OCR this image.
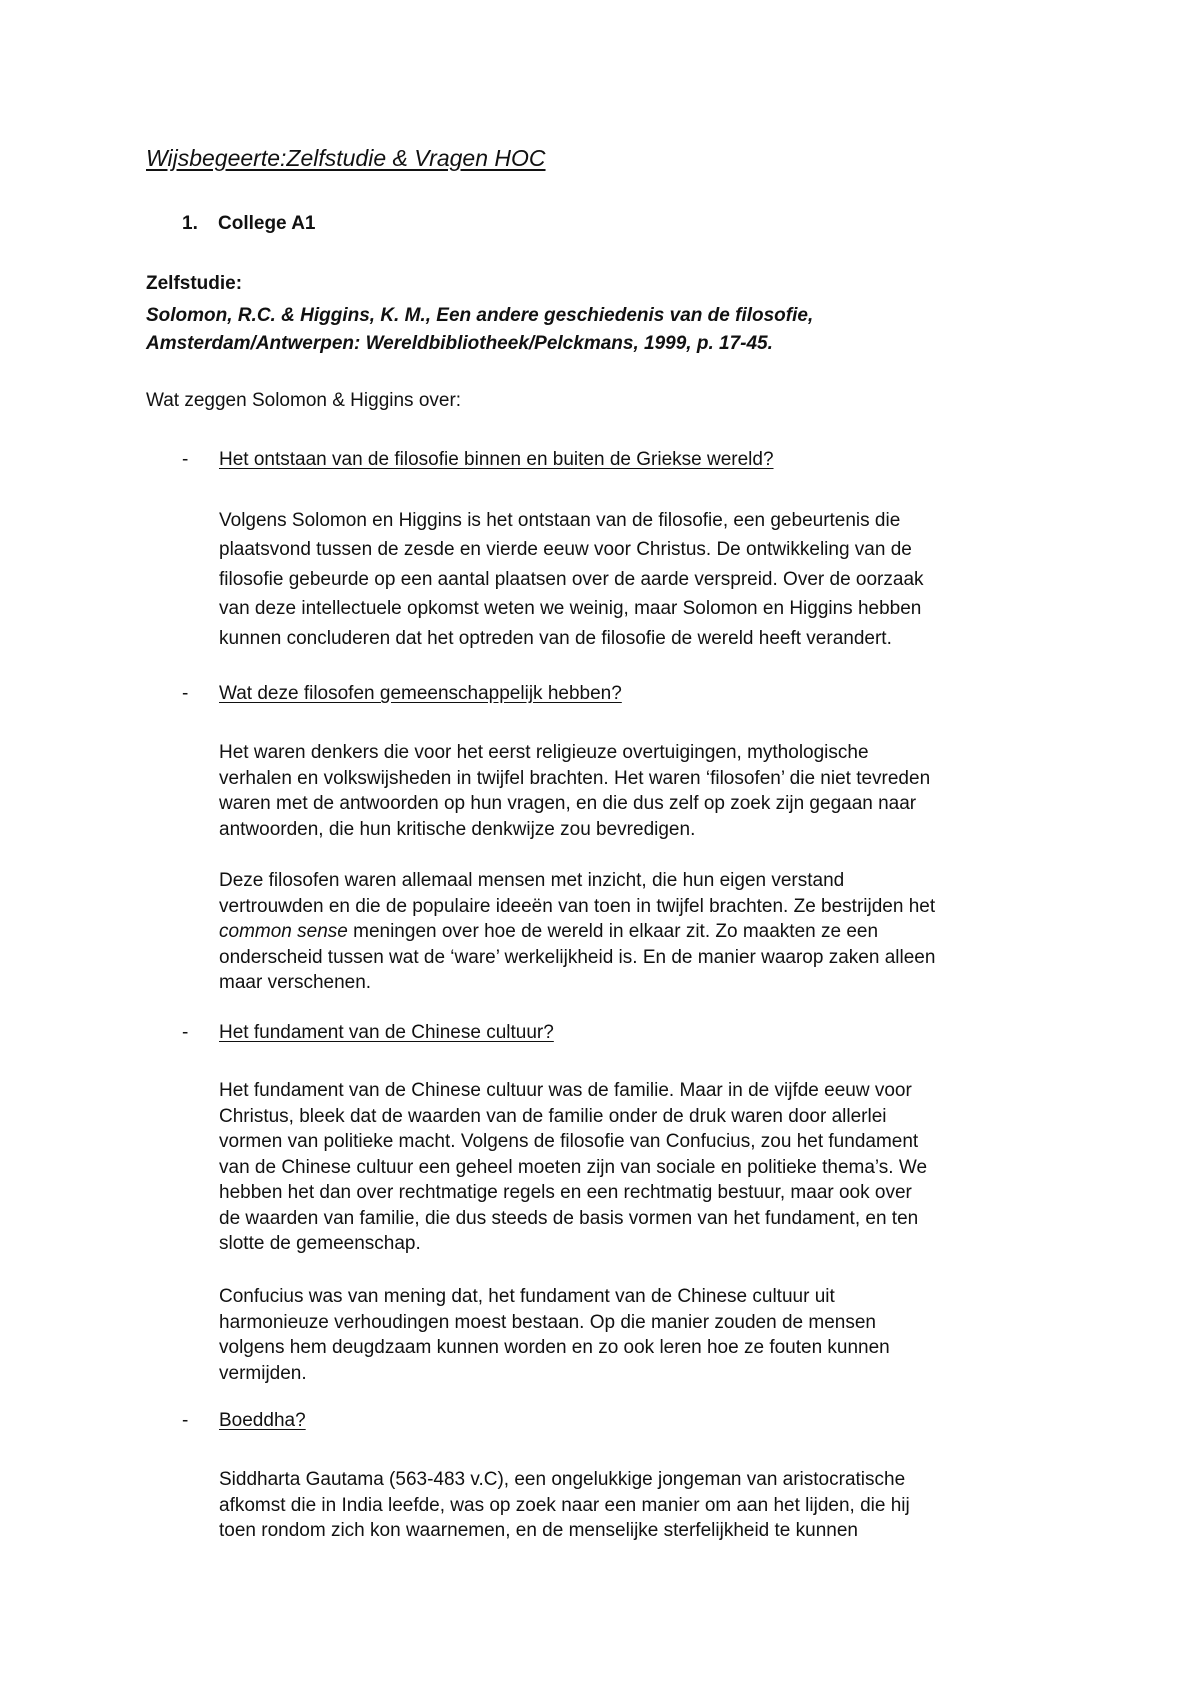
Wijsbegeerte:Zelfstudie & Vragen HOC
1. College A1
Zelfstudie:
Solomon, R.C. & Higgins, K. M., Een andere geschiedenis van de filosofie,
Amsterdam/Antwerpen: Wereldbibliotheek/Pelckmans, 1999, p. 17-45.
Wat zeggen Solomon & Higgins over:
- Het ontstaan van de filosofie binnen en buiten de Griekse wereld?

Volgens Solomon en Higgins is het ontstaan van de filosofie, een gebeurtenis die
plaatsvond tussen de zesde en vierde eeuw voor Christus. De ontwikkeling van de
filosofie gebeurde op een aantal plaatsen over de aarde verspreid. Over de oorzaak
van deze intellectuele opkomst weten we weinig, maar Solomon en Higgins hebben
kunnen concluderen dat het optreden van de filosofie de wereld heeft verandert.

- Wat deze filosofen gemeenschappelijk hebben?

Het waren denkers die voor het eerst religieuze overtuigingen, mythologische
verhalen en volkswijsheden in twijfel brachten. Het waren ‘filosofen’ die niet tevreden
waren met de antwoorden op hun vragen, en die dus zelf op zoek zijn gegaan naar
antwoorden, die hun kritische denkwijze zou bevredigen.

Deze filosofen waren allemaal mensen met inzicht, die hun eigen verstand
vertrouwden en die de populaire ideeën van toen in twijfel brachten. Ze bestrijden het
common sense meningen over hoe de wereld in elkaar zit. Zo maakten ze een
onderscheid tussen wat de ‘ware’ werkelijkheid is. En de manier waarop zaken alleen
maar verschenen.

- Het fundament van de Chinese cultuur?

Het fundament van de Chinese cultuur was de familie. Maar in de vijfde eeuw voor
Christus, bleek dat de waarden van de familie onder de druk waren door allerlei
vormen van politieke macht. Volgens de filosofie van Confucius, zou het fundament
van de Chinese cultuur een geheel moeten zijn van sociale en politieke thema’s. We
hebben het dan over rechtmatige regels en een rechtmatig bestuur, maar ook over
de waarden van familie, die dus steeds de basis vormen van het fundament, en ten
slotte de gemeenschap.

Confucius was van mening dat, het fundament van de Chinese cultuur uit
harmonieuze verhoudingen moest bestaan. Op die manier zouden de mensen
volgens hem deugdzaam kunnen worden en zo ook leren hoe ze fouten kunnen
vermijden.

- Boeddha?

Siddharta Gautama (563-483 v.C), een ongelukkige jongeman van aristocratische
afkomst die in India leefde, was op zoek naar een manier om aan het lijden, die hij
toen rondom zich kon waarnemen, en de menselijke sterfelijkheid te kunnen
